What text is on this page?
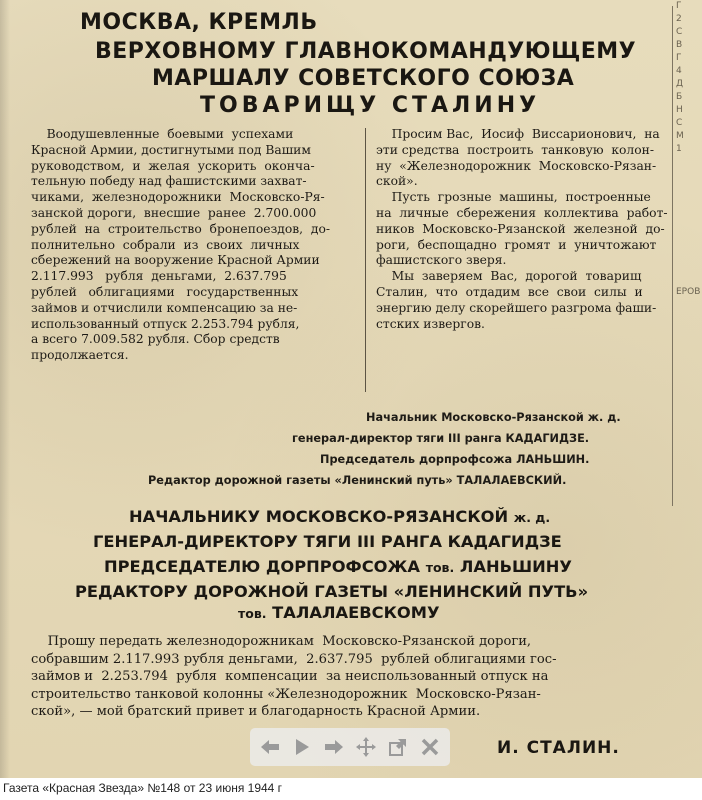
Г
2
С
В
Г
4
Д
Б
Н
С
М
1
ЕРОВ
МОСКВА, КРЕМЛЬ
ВЕРХОВНОМУ ГЛАВНОКОМАНДУЮЩЕМУ
МАРШАЛУ СОВЕТСКОГО СОЮЗА
ТОВАРИЩУ СТАЛИНУ
Воодушевленные  боевыми  успехами
Красной Армии, достигнутыми под Вашим
руководством,  и  желая  ускорить  оконча-
тельную победу над фашистскими захват-
чиками,  железнодорожники  Московско-Ря-
занской дороги,  внесшие  ранее  2.700.000
рублей  на  строительство  бронепоездов,  до-
полнительно  собрали  из  своих  личных
сбережений на вооружение Красной Армии
2.117.993   рубля  деньгами,  2.637.795
рублей   облигациями   государственных
займов и отчислили компенсацию за не-
использованный отпуск 2.253.794 рубля,
а всего 7.009.582 рубля. Сбор средств
продолжается.
Просим Вас,  Иосиф  Виссарионович,  на
эти средства  построить  танковую  колон-
ну  «Железнодорожник  Московско-Рязан-
ской».
Пусть  грозные  машины,  построенные
на  личные  сбережения  коллектива  работ-
ников  Московско-Рязанской  железной  до-
роги,  беспощадно  громят  и  уничтожают
фашистского зверя.
Мы  заверяем  Вас,  дорогой  товарищ
Сталин,  что  отдадим  все  свои  силы  и
энергию делу скорейшего разгрома фаши-
стских извергов.
Начальник Московско-Рязанской ж. д.
генерал-директор тяги III ранга КАДАГИДЗЕ.
Председатель дорпрофсожа ЛАНЬШИН.
Редактор дорожной газеты «Ленинский путь» ТАЛАЛАЕВСКИЙ.
НАЧАЛЬНИКУ МОСКОВСКО-РЯЗАНСКОЙ ж. д.
ГЕНЕРАЛ-ДИРЕКТОРУ ТЯГИ III РАНГА КАДАГИДЗЕ
ПРЕДСЕДАТЕЛЮ ДОРПРОФСОЖА тов. ЛАНЬШИНУ
РЕДАКТОРУ ДОРОЖНОЙ ГАЗЕТЫ «ЛЕНИНСКИЙ ПУТЬ»
тов. ТАЛАЛАЕВСКОМУ
Прошу передать железнодорожникам  Московско-Рязанской дороги,
собравшим 2.117.993 рубля деньгами,  2.637.795  рублей облигациями гос-
займов и  2.253.794  рубля  компенсации  за неиспользованный отпуск на
строительство танковой колонны «Железнодорожник  Московско-Рязан-
ской», — мой братский привет и благодарность Красной Армии.
И. СТАЛИН.
Газета «Красная Звезда» №148 от 23 июня 1944 г
